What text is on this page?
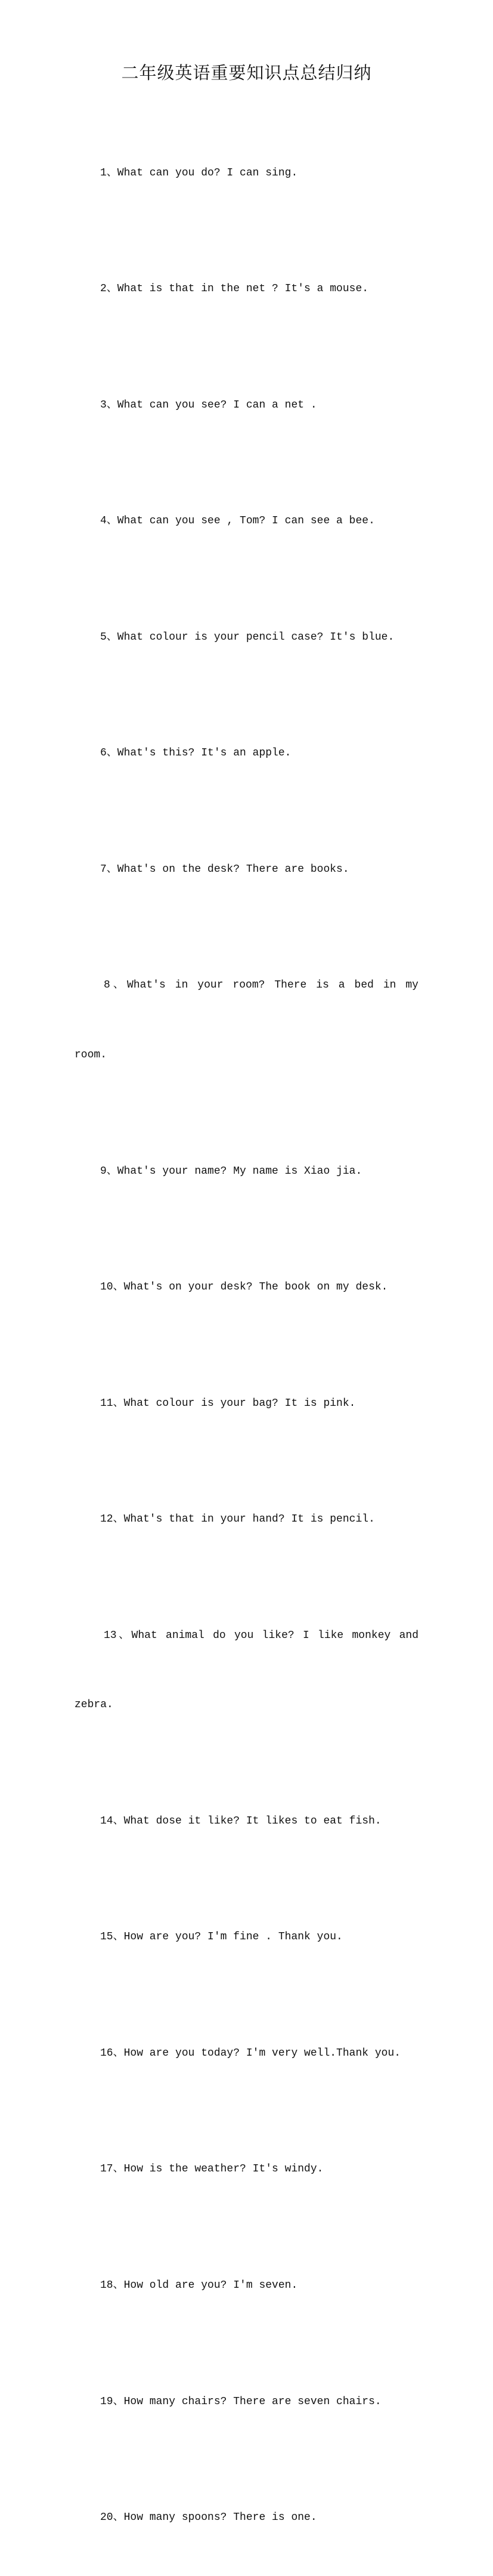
二年级英语重要知识点总结归纳

1、What can you do? I can sing.

2、What is that in the net ? It's a mouse.

3、What can you see? I can a net .

4、What can you see , Tom? I can see a bee.

5、What colour is your pencil case? It's blue.

6、What's this? It's an apple.

7、What's on the desk? There are books.

8、What's in your room? There is a bed in my

room.

9、What's your name? My name is Xiao jia.

10、What's on your desk? The book on my desk.

11、What colour is your bag? It is pink.

12、What's that in your hand? It is pencil.

13、What animal do you like? I like monkey and

zebra.

14、What dose it like? It likes to eat fish.

15、How are you? I'm fine . Thank you.

16、How are you today? I'm very well.Thank you.

17、How is the weather? It's windy.

18、How old are you? I'm seven.

19、How many chairs? There are seven chairs.

20、How many spoons? There is one.
